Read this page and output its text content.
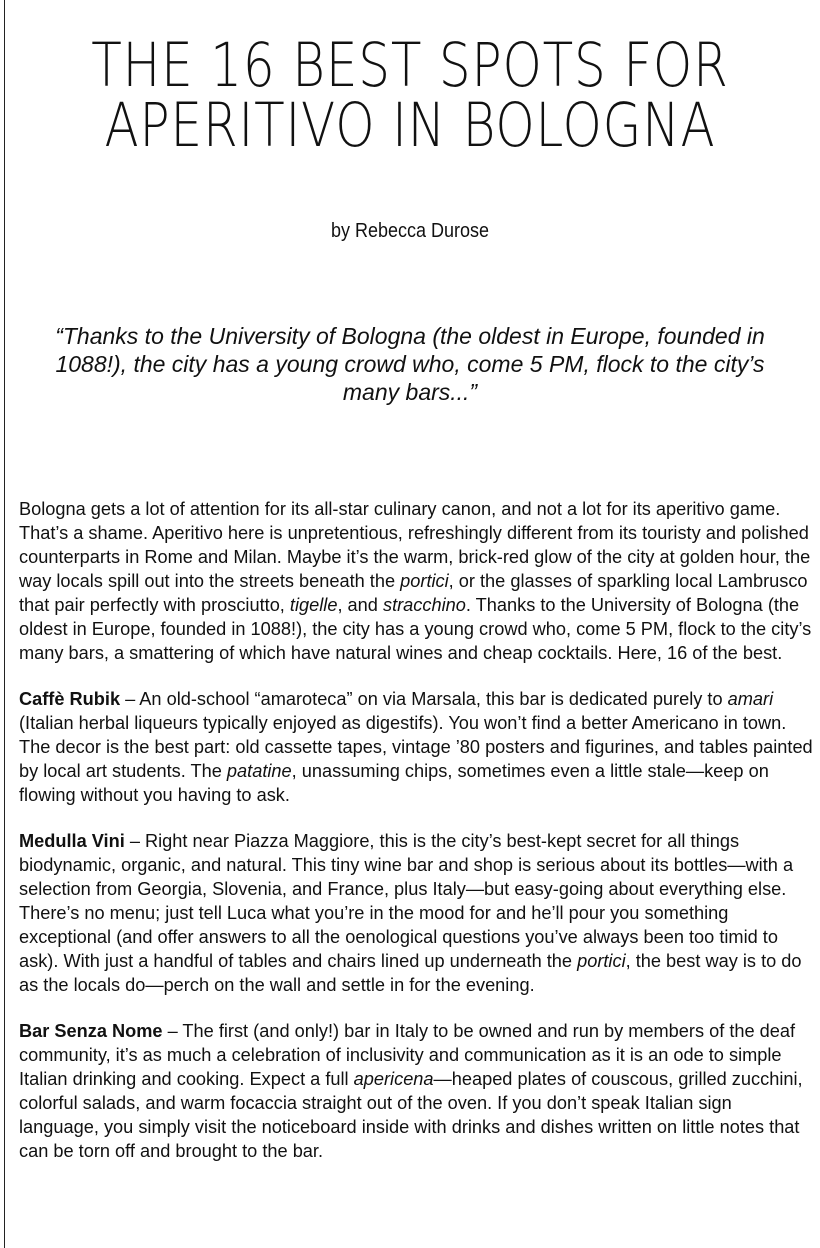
THE 16 BEST SPOTS FOR
APERITIVO IN BOLOGNA

by Rebecca Durose

“Thanks to the University of Bologna (the oldest in Europe, founded in 1088!), the city has a young crowd who, come 5 PM, flock to the city’s many bars...”

Bologna gets a lot of attention for its all-star culinary canon, and not a lot for its aperitivo game. That’s a shame. Aperitivo here is unpretentious, refreshingly different from its touristy and polished counterparts in Rome and Milan. Maybe it’s the warm, brick-red glow of the city at golden hour, the way locals spill out into the streets beneath the portici, or the glasses of sparkling local Lambrusco that pair perfectly with prosciutto, tigelle, and stracchino. Thanks to the University of Bologna (the oldest in Europe, founded in 1088!), the city has a young crowd who, come 5 PM, flock to the city’s many bars, a smattering of which have natural wines and cheap cocktails. Here, 16 of the best.

Caffè Rubik – An old-school “amaroteca” on via Marsala, this bar is dedicated purely to amari (Italian herbal liqueurs typically enjoyed as digestifs). You won’t find a better Americano in town. The decor is the best part: old cassette tapes, vintage ’80 posters and figurines, and tables painted by local art students. The patatine, unassuming chips, sometimes even a little stale—keep on flowing without you having to ask.

Medulla Vini – Right near Piazza Maggiore, this is the city’s best-kept secret for all things biodynamic, organic, and natural. This tiny wine bar and shop is serious about its bottles—with a selection from Georgia, Slovenia, and France, plus Italy—but easy-going about everything else. There’s no menu; just tell Luca what you’re in the mood for and he’ll pour you something exceptional (and offer answers to all the oenological questions you’ve always been too timid to ask). With just a handful of tables and chairs lined up underneath the portici, the best way is to do as the locals do—perch on the wall and settle in for the evening.

Bar Senza Nome – The first (and only!) bar in Italy to be owned and run by members of the deaf community, it’s as much a celebration of inclusivity and communication as it is an ode to simple Italian drinking and cooking. Expect a full apericena—heaped plates of couscous, grilled zucchini, colorful salads, and warm focaccia straight out of the oven. If you don’t speak Italian sign language, you simply visit the noticeboard inside with drinks and dishes written on little notes that can be torn off and brought to the bar.
